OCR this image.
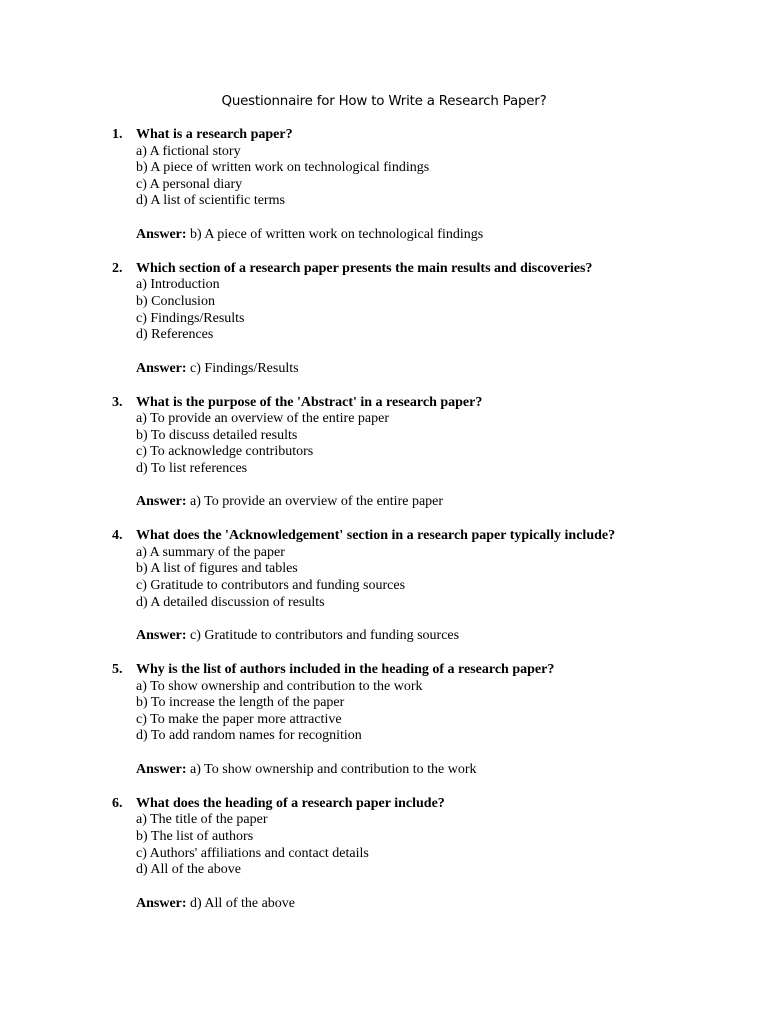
Questionnaire for How to Write a Research Paper?
1. What is a research paper?
a) A fictional story
b) A piece of written work on technological findings
c) A personal diary
d) A list of scientific terms
Answer: b) A piece of written work on technological findings
2. Which section of a research paper presents the main results and discoveries?
a) Introduction
b) Conclusion
c) Findings/Results
d) References
Answer: c) Findings/Results
3. What is the purpose of the 'Abstract' in a research paper?
a) To provide an overview of the entire paper
b) To discuss detailed results
c) To acknowledge contributors
d) To list references
Answer: a) To provide an overview of the entire paper
4. What does the 'Acknowledgement' section in a research paper typically include?
a) A summary of the paper
b) A list of figures and tables
c) Gratitude to contributors and funding sources
d) A detailed discussion of results
Answer: c) Gratitude to contributors and funding sources
5. Why is the list of authors included in the heading of a research paper?
a) To show ownership and contribution to the work
b) To increase the length of the paper
c) To make the paper more attractive
d) To add random names for recognition
Answer: a) To show ownership and contribution to the work
6. What does the heading of a research paper include?
a) The title of the paper
b) The list of authors
c) Authors' affiliations and contact details
d) All of the above
Answer: d) All of the above
